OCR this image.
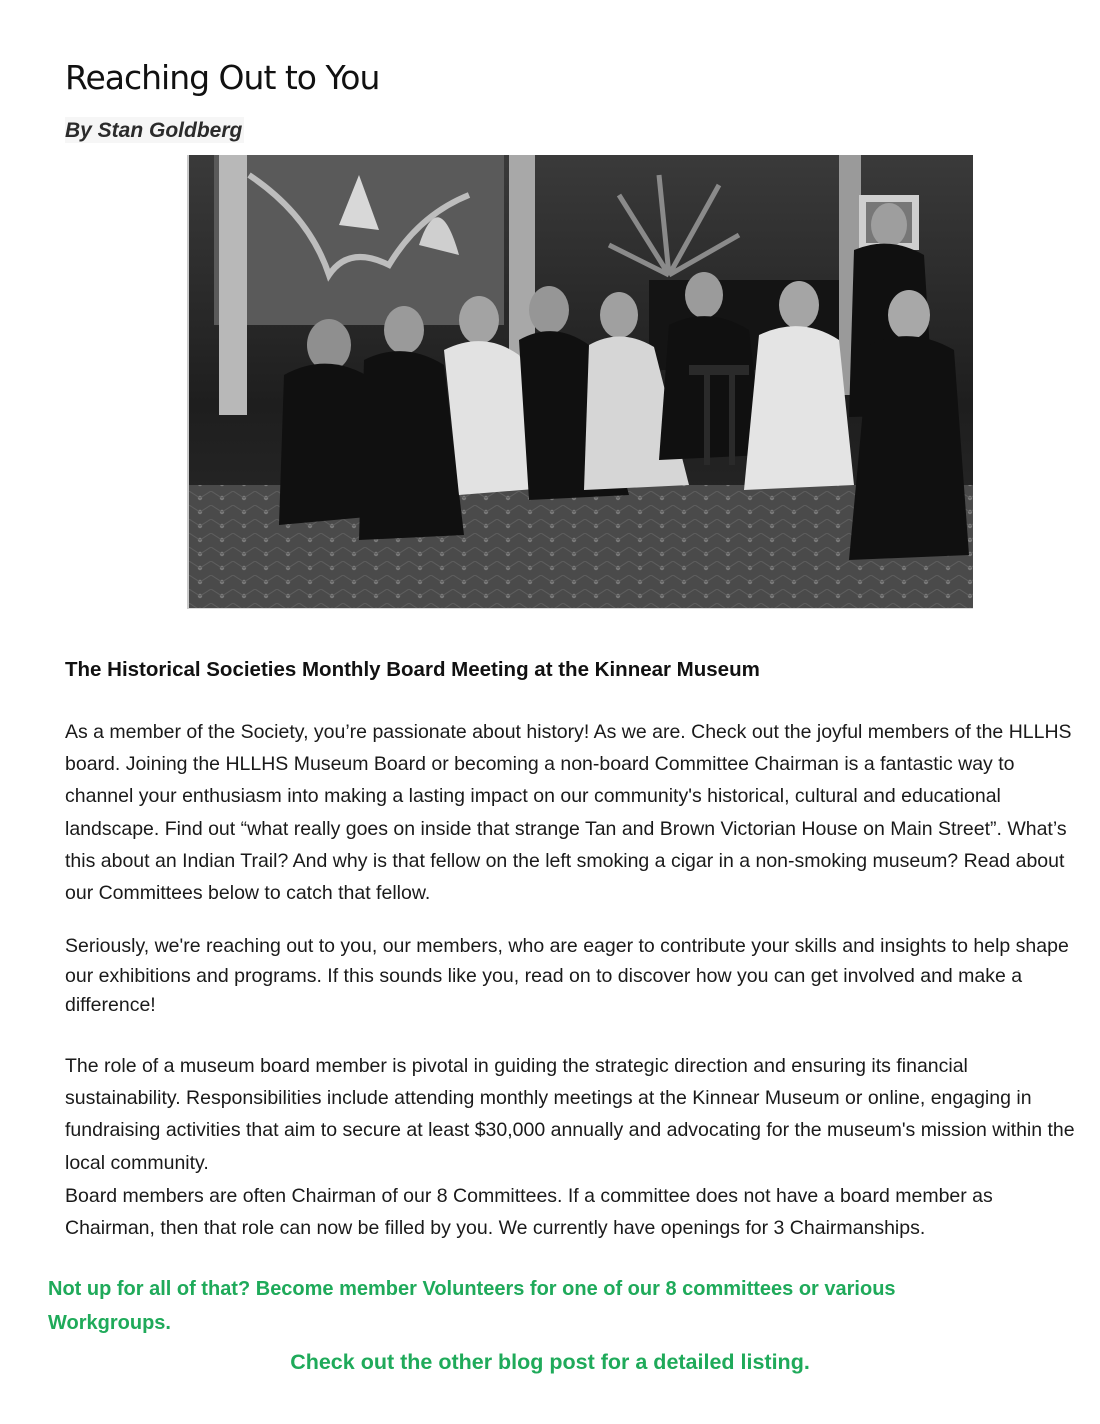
Reaching Out to You
By Stan Goldberg
The Historical Societies Monthly Board Meeting at the Kinnear Museum

As a member of the Society, you’re passionate about history! As we are. Check out the joyful members of the HLLHS board. Joining the HLLHS Museum Board or becoming a non-board Committee Chairman is a fantastic way to channel your enthusiasm into making a lasting impact on our community's historical, cultural and educational landscape. Find out “what really goes on inside that strange Tan and Brown Victorian House on Main Street”. What’s this about an Indian Trail? And why is that fellow on the left smoking a cigar in a non-smoking museum? Read about our Committees below to catch that fellow.

Seriously, we're reaching out to you, our members, who are eager to contribute your skills and insights to help shape our exhibitions and programs. If this sounds like you, read on to discover how you can get involved and make a difference!

The role of a museum board member is pivotal in guiding the strategic direction and ensuring its financial sustainability. Responsibilities include attending monthly meetings at the Kinnear Museum or online, engaging in fundraising activities that aim to secure at least $30,000 annually and advocating for the museum's mission within the local community.

Board members are often Chairman of our 8 Committees. If a committee does not have a board member as Chairman, then that role can now be filled by you. We currently have openings for 3 Chairmanships.

Not up for all of that? Become member Volunteers for one of our 8 committees or various Workgroups.

Check out the other blog post for a detailed listing.
